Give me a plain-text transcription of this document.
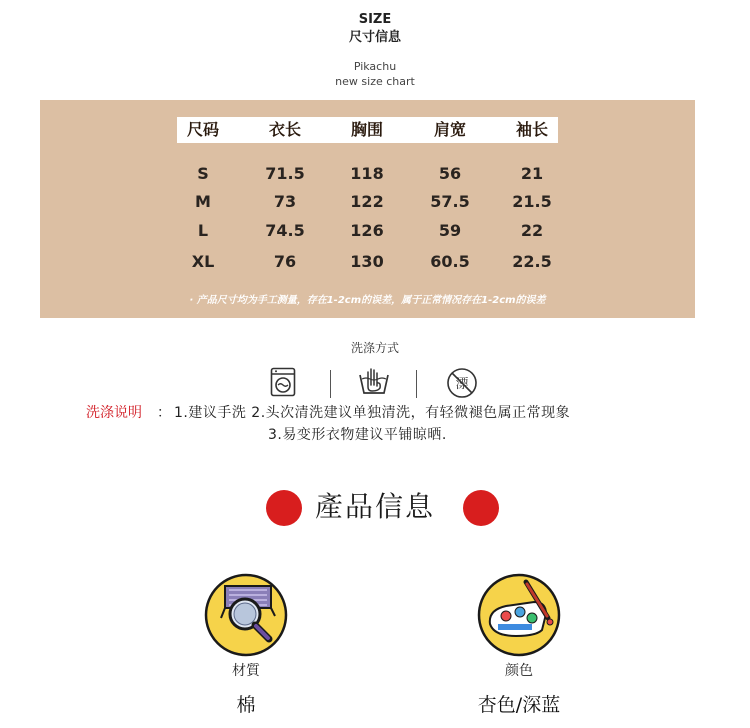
SIZE
尺寸信息
Pikachu
new size chart
尺码	衣长	胸围	肩宽	袖长
S	71.5	118	56	21
M	73	122	57.5	21.5
L	74.5	126	59	22
XL	76	130	60.5	22.5
· 产品尺寸均为手工测量，存在1-2cm的误差，属于正常情况存在1-2cm的误差
洗涤方式
漂
洗涤说明 ： 1.建议手洗 2.头次清洗建议单独清洗，有轻微褪色属正常现象
3.易变形衣物建议平铺晾晒.
產品信息
材質
棉
颜色
杏色/深蓝
